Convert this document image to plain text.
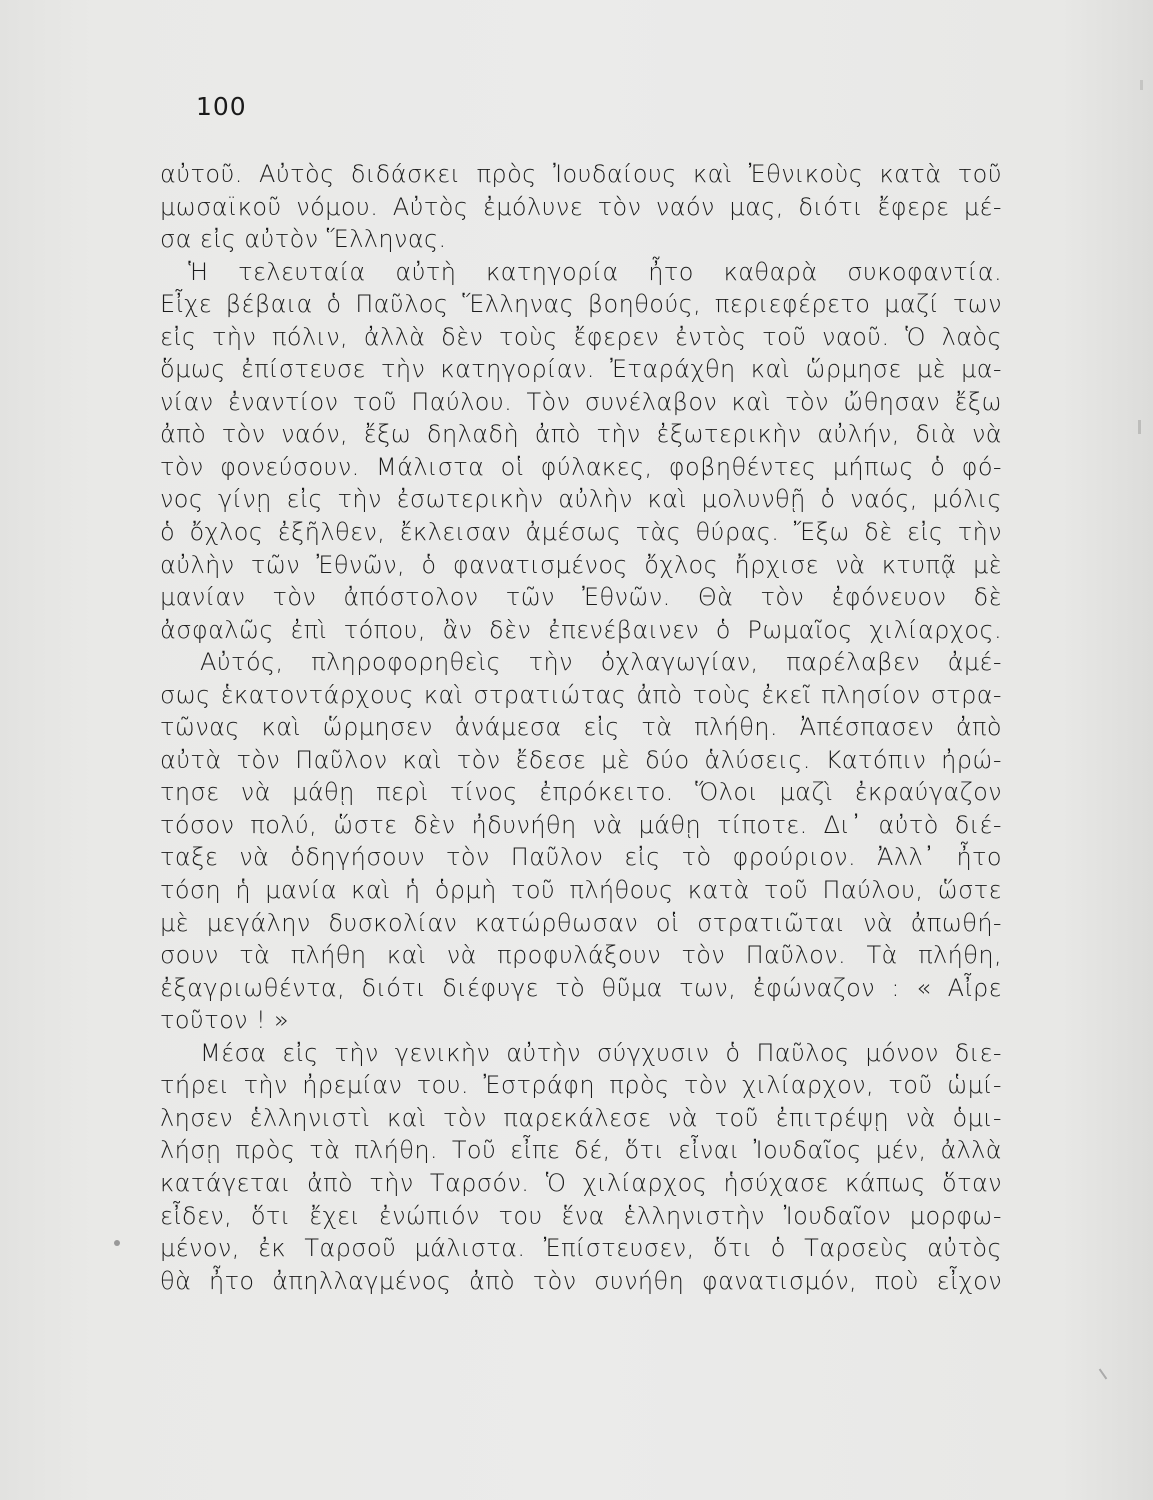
100
αὐτοῦ. Αὐτὸς διδάσκει πρὸς Ἰουδαίους καὶ Ἐθνικοὺς κατὰ τοῦ
μωσαϊκοῦ νόμου. Αὐτὸς ἐμόλυνε τὸν ναόν μας, διότι ἔφερε μέ-
σα εἰς αὐτὸν Ἕλληνας.
Ἡ τελευταία αὐτὴ κατηγορία ἦτο καθαρὰ συκοφαντία.
Εἶχε βέβαια ὁ Παῦλος Ἕλληνας βοηθούς, περιεφέρετο μαζί των
εἰς τὴν πόλιν, ἀλλὰ δὲν τοὺς ἔφερεν ἐντὸς τοῦ ναοῦ. Ὁ λαὸς
ὅμως ἐπίστευσε τὴν κατηγορίαν. Ἐταράχθη καὶ ὥρμησε μὲ μα-
νίαν ἐναντίον τοῦ Παύλου. Τὸν συνέλαβον καὶ τὸν ὤθησαν ἔξω
ἀπὸ τὸν ναόν, ἔξω δηλαδὴ ἀπὸ τὴν ἐξωτερικὴν αὐλήν, διὰ νὰ
τὸν φονεύσουν. Μάλιστα οἱ φύλακες, φοβηθέντες μήπως ὁ φό-
νος γίνῃ εἰς τὴν ἐσωτερικὴν αὐλὴν καὶ μολυνθῇ ὁ ναός, μόλις
ὁ ὄχλος ἐξῆλθεν, ἔκλεισαν ἀμέσως τὰς θύρας. Ἔξω δὲ εἰς τὴν
αὐλὴν τῶν Ἐθνῶν, ὁ φανατισμένος ὄχλος ἤρχισε νὰ κτυπᾷ μὲ
μανίαν τὸν ἀπόστολον τῶν Ἐθνῶν. Θὰ τὸν ἐφόνευον δὲ
ἀσφαλῶς ἐπὶ τόπου, ἂν δὲν ἐπενέβαινεν ὁ Ρωμαῖος χιλίαρχος.
Αὐτός, πληροφορηθεὶς τὴν ὀχλαγωγίαν, παρέλαβεν ἀμέ-
σως ἑκατοντάρχους καὶ στρατιώτας ἀπὸ τοὺς ἐκεῖ πλησίον στρα-
τῶνας καὶ ὥρμησεν ἀνάμεσα εἰς τὰ πλήθη. Ἀπέσπασεν ἀπὸ
αὐτὰ τὸν Παῦλον καὶ τὸν ἔδεσε μὲ δύο ἁλύσεις. Κατόπιν ἠρώ-
τησε νὰ μάθῃ περὶ τίνος ἐπρόκειτο. Ὅλοι μαζὶ ἐκραύγαζον
τόσον πολύ, ὥστε δὲν ἠδυνήθη νὰ μάθῃ τίποτε. Δι᾽ αὐτὸ διέ-
ταξε νὰ ὁδηγήσουν τὸν Παῦλον εἰς τὸ φρούριον. Ἀλλ᾽ ἦτο
τόση ἡ μανία καὶ ἡ ὁρμὴ τοῦ πλήθους κατὰ τοῦ Παύλου, ὥστε
μὲ μεγάλην δυσκολίαν κατώρθωσαν οἱ στρατιῶται νὰ ἀπωθή-
σουν τὰ πλήθη καὶ νὰ προφυλάξουν τὸν Παῦλον. Τὰ πλήθη,
ἐξαγριωθέντα, διότι διέφυγε τὸ θῦμα των, ἐφώναζον : « Αἶρε
τοῦτον ! »
Μέσα εἰς τὴν γενικὴν αὐτὴν σύγχυσιν ὁ Παῦλος μόνον διε-
τήρει τὴν ἠρεμίαν του. Ἐστράφη πρὸς τὸν χιλίαρχον, τοῦ ὡμί-
λησεν ἑλληνιστὶ καὶ τὸν παρεκάλεσε νὰ τοῦ ἐπιτρέψῃ νὰ ὁμι-
λήσῃ πρὸς τὰ πλήθη. Τοῦ εἶπε δέ, ὅτι εἶναι Ἰουδαῖος μέν, ἀλλὰ
κατάγεται ἀπὸ τὴν Ταρσόν. Ὁ χιλίαρχος ἡσύχασε κάπως ὅταν
εἶδεν, ὅτι ἔχει ἐνώπιόν του ἕνα ἑλληνιστὴν Ἰουδαῖον μορφω-
μένον, ἐκ Ταρσοῦ μάλιστα. Ἐπίστευσεν, ὅτι ὁ Ταρσεὺς αὐτὸς
θὰ ἦτο ἀπηλλαγμένος ἀπὸ τὸν συνήθη φανατισμόν, ποὺ εἶχον
